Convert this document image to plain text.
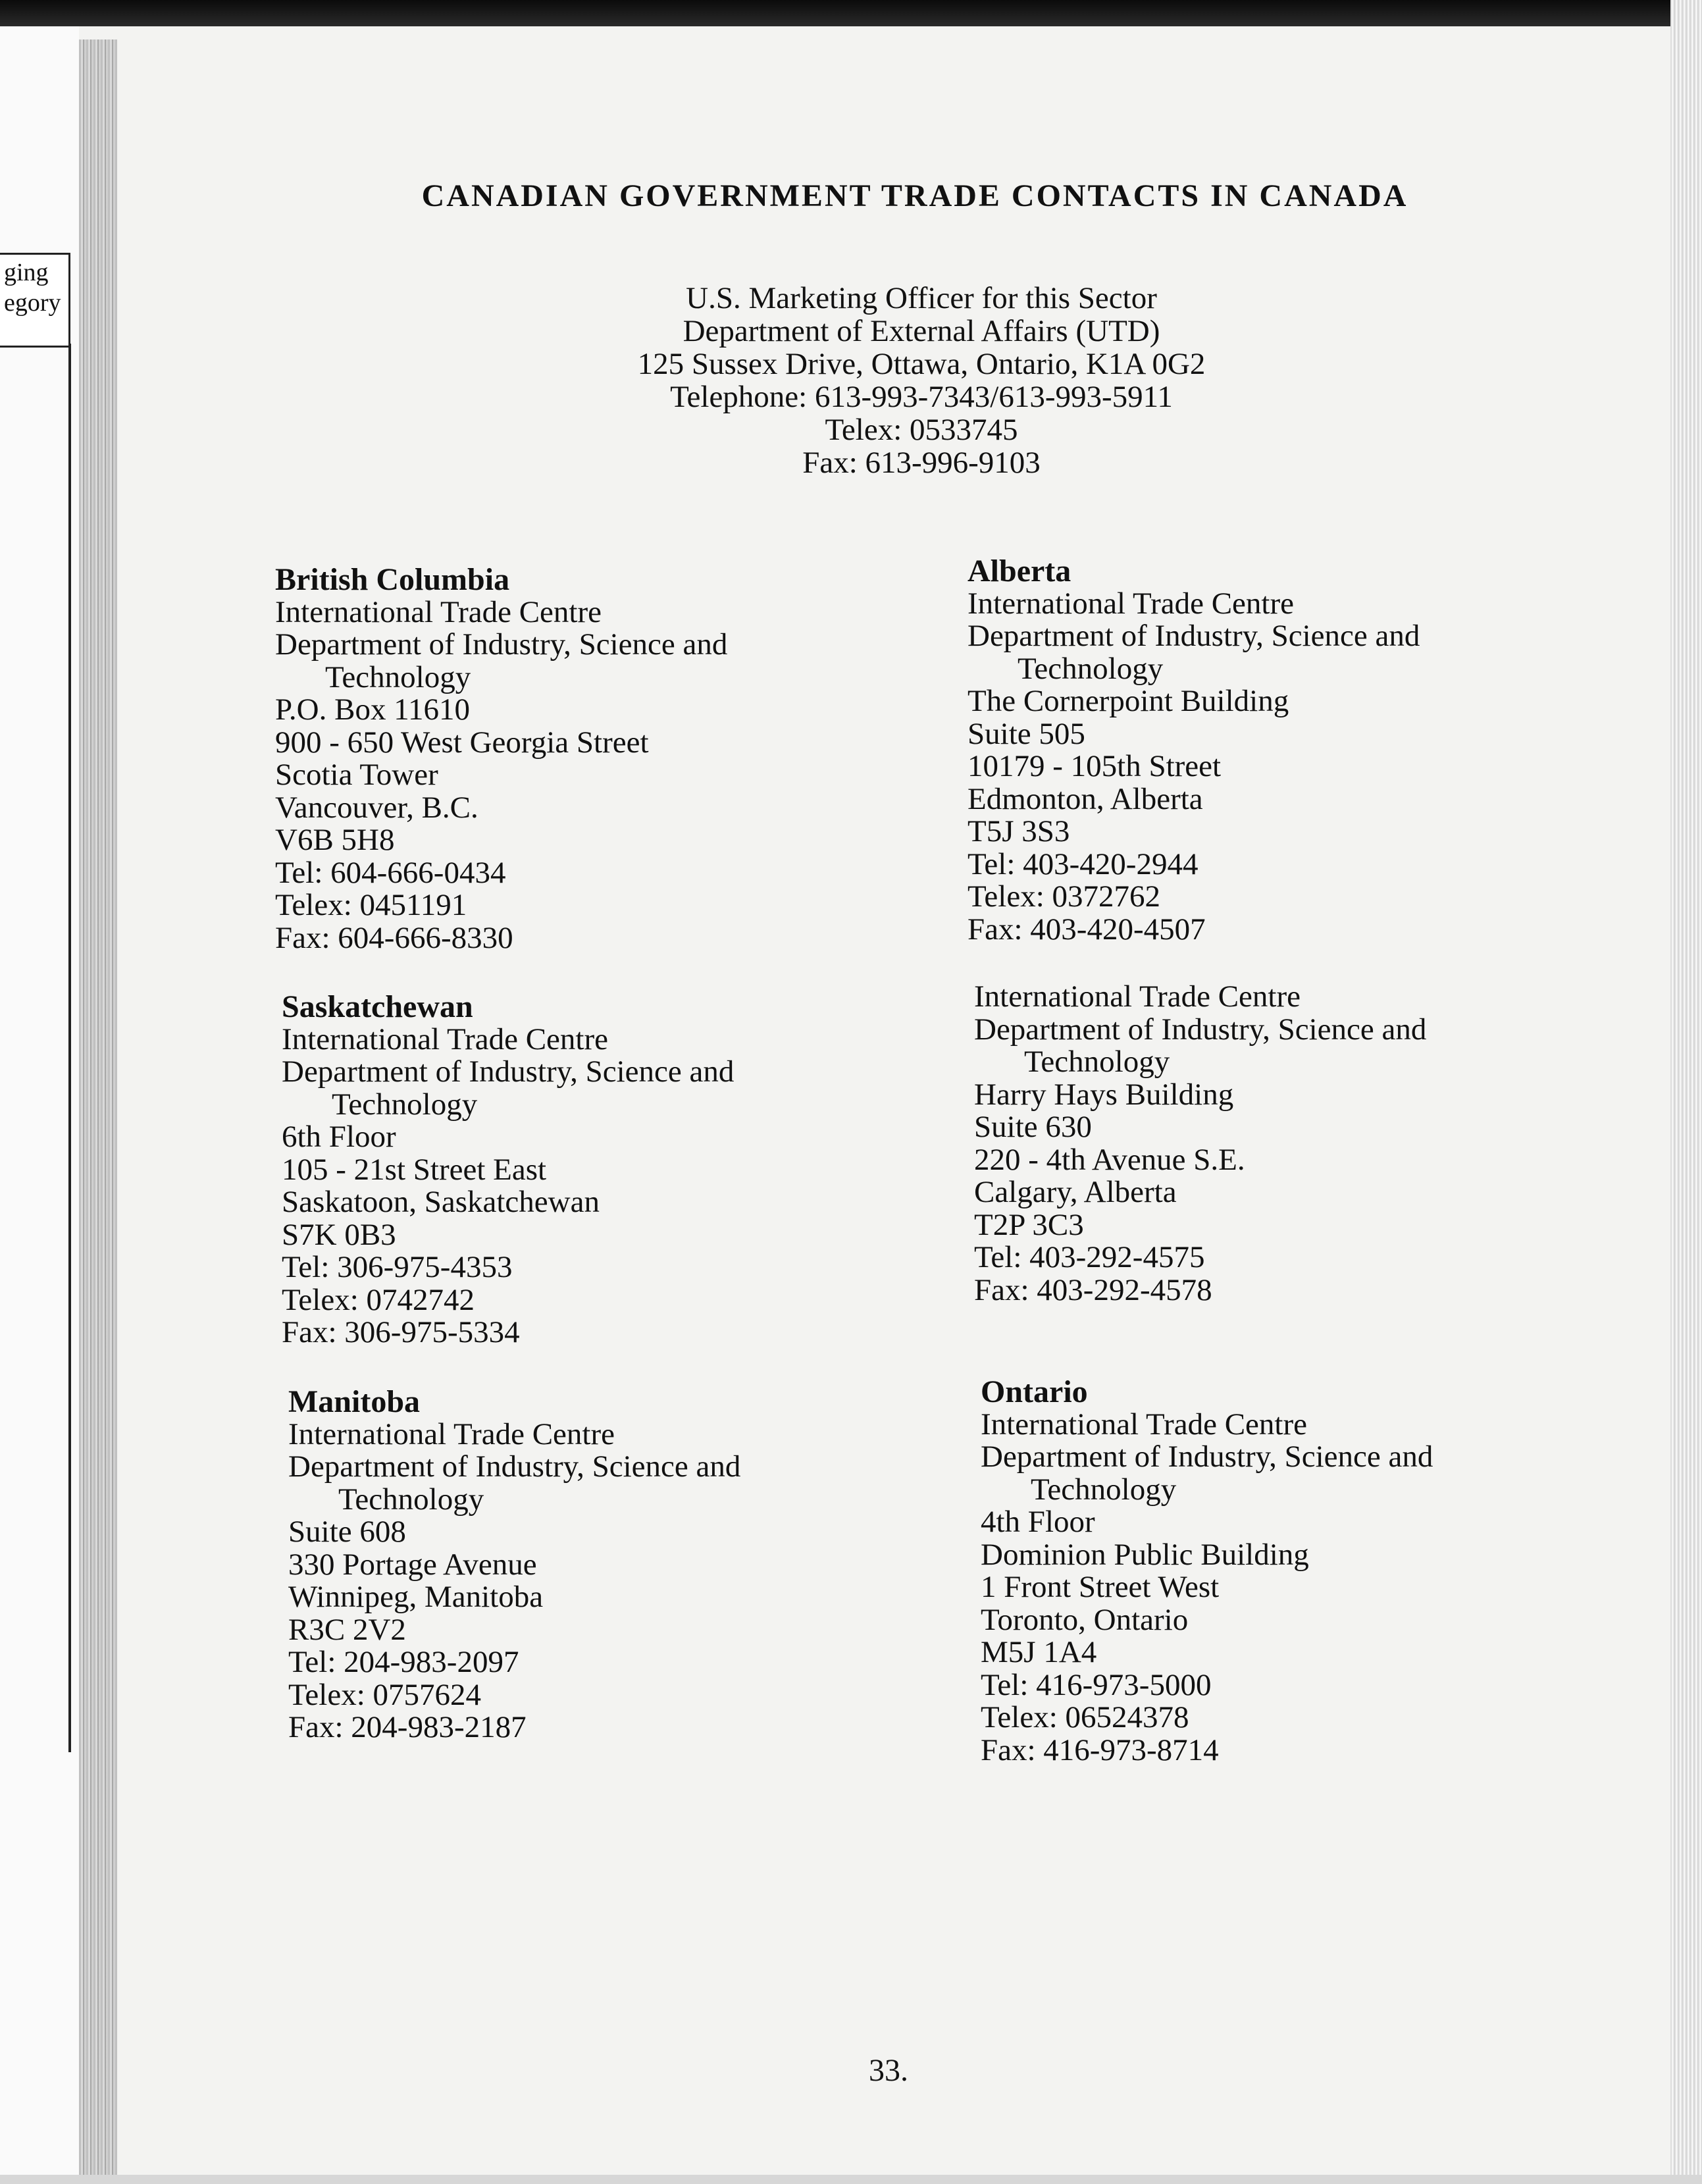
ging
egory
CANADIAN GOVERNMENT TRADE CONTACTS IN CANADA
U.S. Marketing Officer for this Sector
Department of External Affairs (UTD)
125 Sussex Drive, Ottawa, Ontario, K1A 0G2
Telephone: 613-993-7343/613-993-5911
Telex: 0533745
Fax: 613-996-9103
British Columbia
International Trade Centre
Department of Industry, Science and
Technology
P.O. Box 11610
900 - 650 West Georgia Street
Scotia Tower
Vancouver, B.C.
V6B 5H8
Tel: 604-666-0434
Telex: 0451191
Fax: 604-666-8330
Saskatchewan
International Trade Centre
Department of Industry, Science and
Technology
6th Floor
105 - 21st Street East
Saskatoon, Saskatchewan
S7K 0B3
Tel: 306-975-4353
Telex: 0742742
Fax: 306-975-5334
Manitoba
International Trade Centre
Department of Industry, Science and
Technology
Suite 608
330 Portage Avenue
Winnipeg, Manitoba
R3C 2V2
Tel: 204-983-2097
Telex: 0757624
Fax: 204-983-2187
Alberta
International Trade Centre
Department of Industry, Science and
Technology
The Cornerpoint Building
Suite 505
10179 - 105th Street
Edmonton, Alberta
T5J 3S3
Tel: 403-420-2944
Telex: 0372762
Fax: 403-420-4507
International Trade Centre
Department of Industry, Science and
Technology
Harry Hays Building
Suite 630
220 - 4th Avenue S.E.
Calgary, Alberta
T2P 3C3
Tel: 403-292-4575
Fax: 403-292-4578
Ontario
International Trade Centre
Department of Industry, Science and
Technology
4th Floor
Dominion Public Building
1 Front Street West
Toronto, Ontario
M5J 1A4
Tel: 416-973-5000
Telex: 06524378
Fax: 416-973-8714
33.
